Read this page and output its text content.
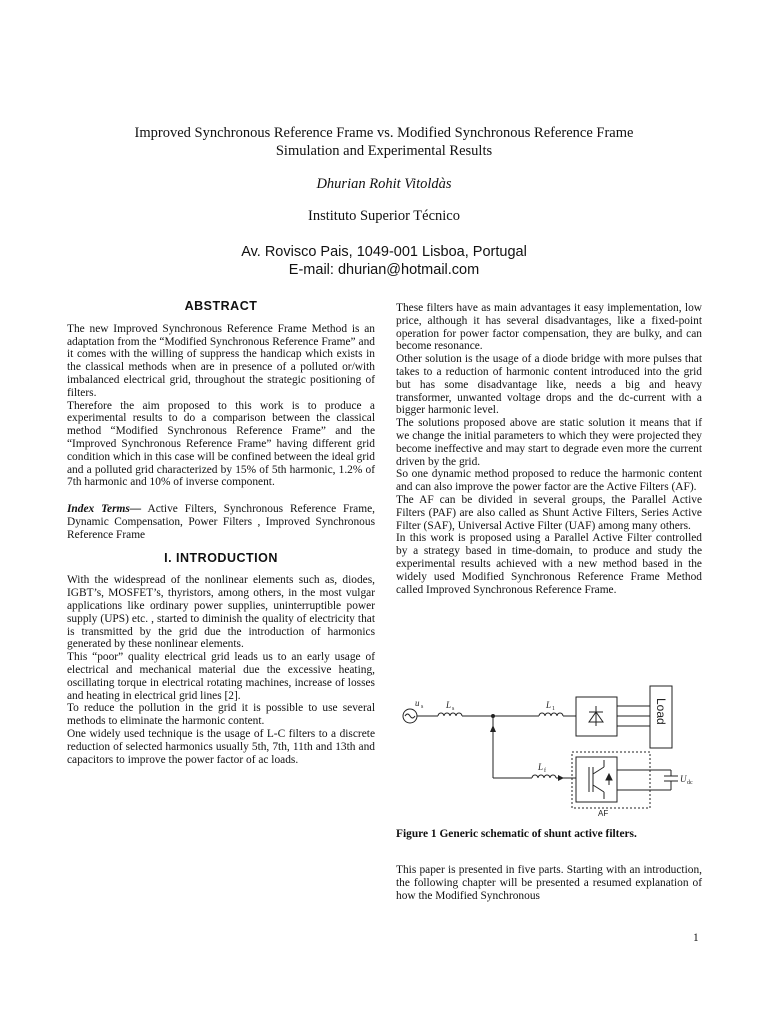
Improved Synchronous Reference Frame vs. Modified Synchronous Reference Frame
Simulation and Experimental Results
Dhurian Rohit Vitoldàs
Instituto Superior Técnico
Av. Rovisco Pais, 1049-001 Lisboa, Portugal
E-mail: dhurian@hotmail.com
ABSTRACT

The new Improved Synchronous Reference Frame Method is an adaptation from the “Modified Synchronous Reference Frame” and it comes with the willing of suppress the handicap which exists in the classical methods when are in presence of a polluted or/with imbalanced electrical grid, throughout the strategic positioning of filters.

Therefore the aim proposed to this work is to produce a experimental results to do a comparison between the classical method “Modified Synchronous Reference Frame” and the “Improved Synchronous Reference Frame” having different grid condition which in this case will be confined between the ideal grid and a polluted grid characterized by 15% of 5th harmonic, 1.2% of 7th harmonic and 10% of inverse component.

Index Terms— Active Filters, Synchronous Reference Frame, Dynamic Compensation, Power Filters , Improved Synchronous Reference Frame

I. INTRODUCTION

With the widespread of the nonlinear elements such as, diodes, IGBT’s, MOSFET’s, thyristors, among others, in the most vulgar applications like ordinary power supplies, uninterruptible power supply (UPS) etc. , started to diminish the quality of electricity that is transmitted by the grid due the introduction of harmonics generated by these nonlinear elements.

This “poor” quality electrical grid leads us to an early usage of electrical and mechanical material due the excessive heating, oscillating torque in electrical rotating machines, increase of losses and heating in electrical grid lines [2].

To reduce the pollution in the grid it is possible to use several methods to eliminate the harmonic content.

One widely used technique is the usage of L-C filters to a discrete reduction of selected harmonics usually 5th, 7th, 11th and 13th and capacitors to improve the power factor of ac loads.

These filters have as main advantages it easy implementation, low price, although it has several disadvantages, like a fixed-point operation for power factor compensation, they are bulky, and can become resonance.

Other solution is the usage of a diode bridge with more pulses that takes to a reduction of harmonic content introduced into the grid but has some disadvantage like, needs a big and heavy transformer, unwanted voltage drops and the dc-current with a bigger harmonic level.

The solutions proposed above are static solution it means that if we change the initial parameters to which they were projected they become ineffective and may start to degrade even more the current driven by the grid.

So one dynamic method proposed to reduce the harmonic content and can also improve the power factor are the Active Filters (AF).

The AF can be divided in several groups, the Parallel Active Filters (PAF) are also called as Shunt Active Filters, Series Active Filter (SAF), Universal Active Filter (UAF) among many others.

In this work is proposed using a Parallel Active Filter controlled by a strategy based in time-domain, to produce and study the experimental results achieved with a new method based in the widely used Modified Synchronous Reference Frame Method called Improved Synchronous Reference Frame.

u s	L s	L 1
L f
Load
AF
U dc
Figure 1 Generic schematic of shunt active filters.

This paper is presented in five parts. Starting with an introduction, the following chapter will be presented a resumed explanation of how the Modified Synchronous

1
